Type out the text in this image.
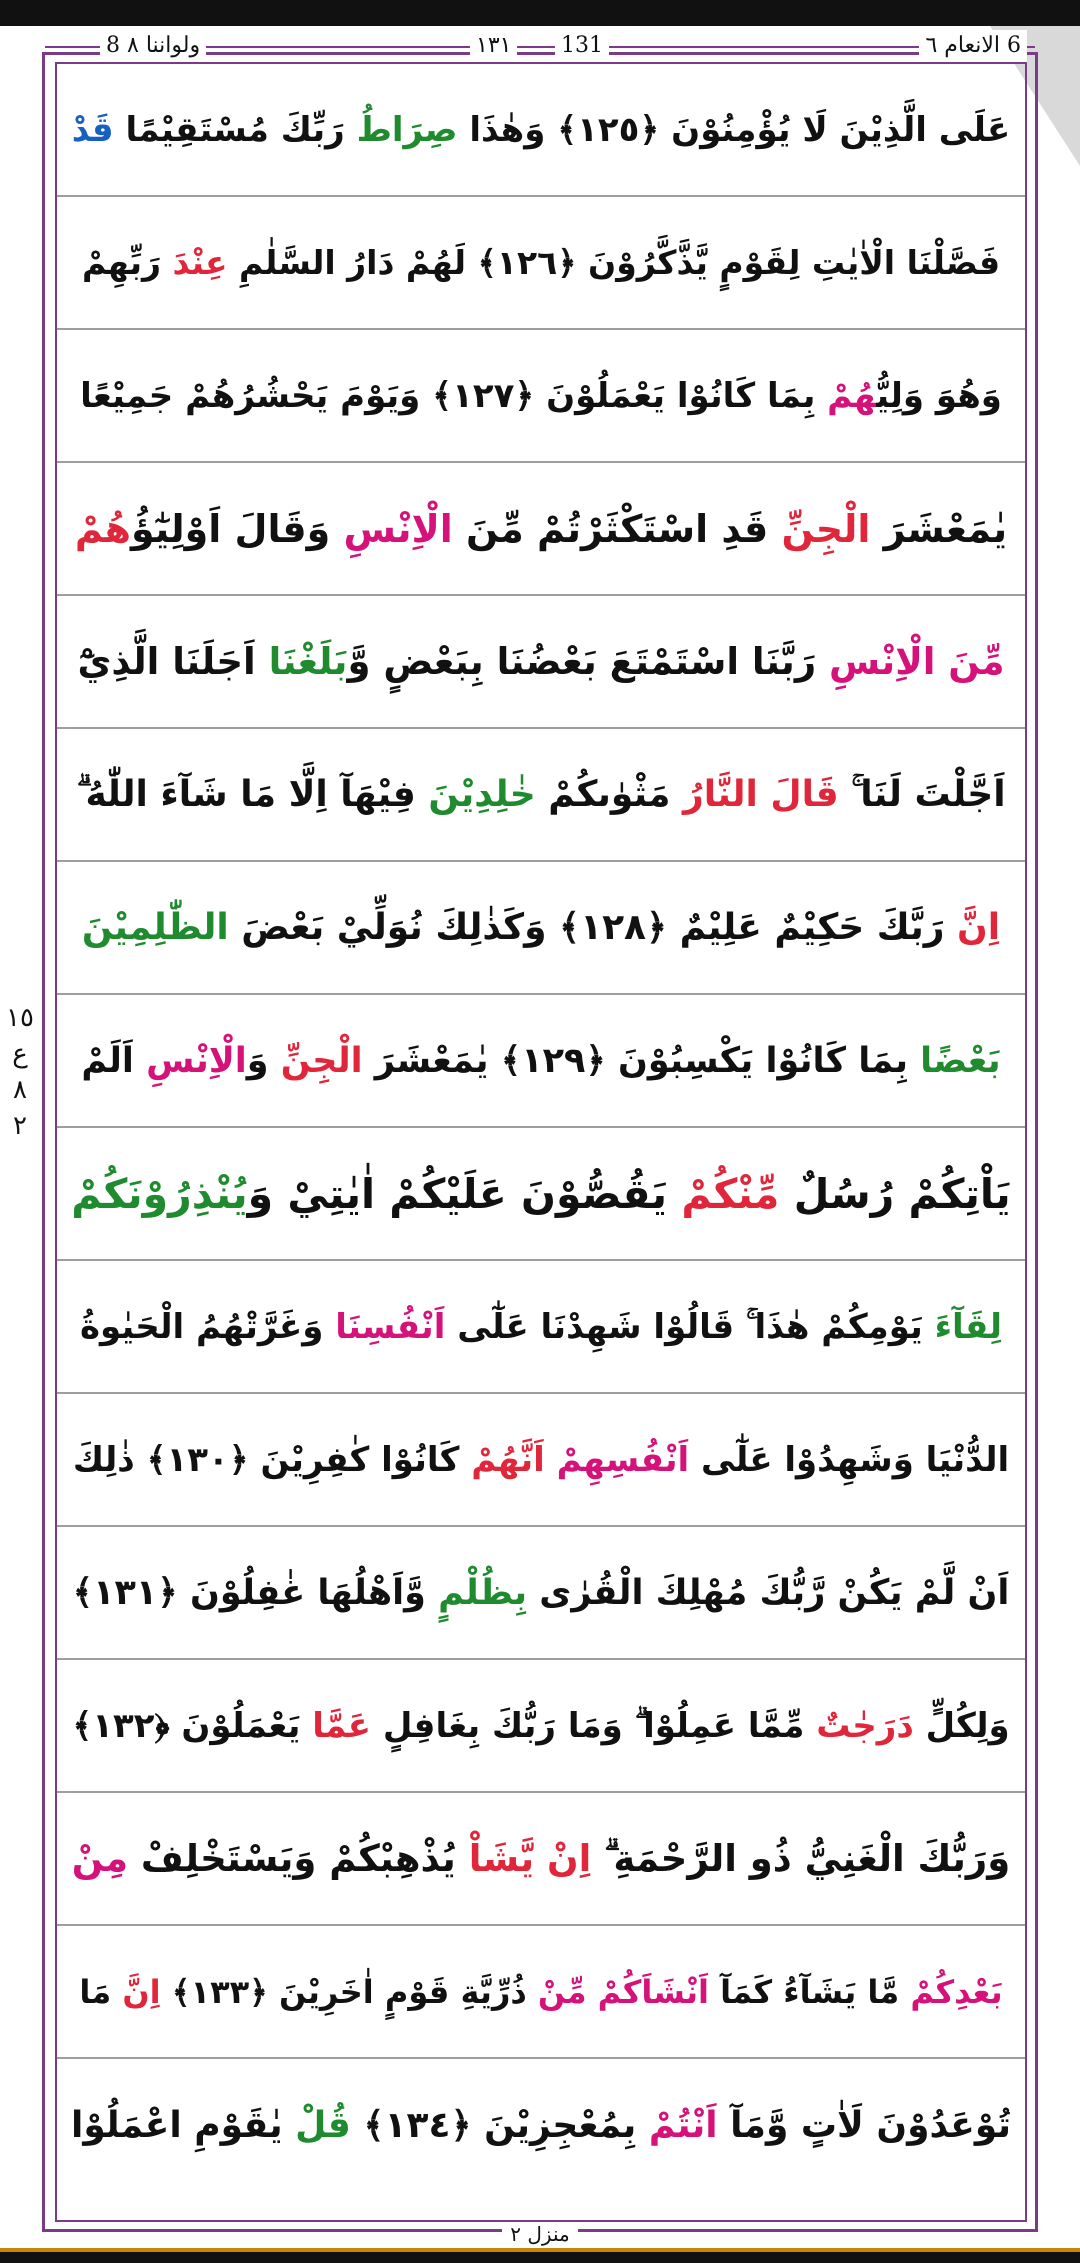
8 ولواننا ٨	١٣١ 131	6 الانعام ٦
١٥ ع ٨ ٢
عَلَى الَّذِيْنَ لَا يُؤْمِنُوْنَ ﴿١٢٥﴾ وَهٰذَا صِرَاطُ رَبِّكَ مُسْتَقِيْمًا قَدْ
فَصَّلْنَا الْاٰيٰتِ لِقَوْمٍ يَّذَّكَّرُوْنَ ﴿١٢٦﴾ لَهُمْ دَارُ السَّلٰمِ عِنْدَ رَبِّهِمْ
وَهُوَ وَلِيُّهُمْ بِمَا كَانُوْا يَعْمَلُوْنَ ﴿١٢٧﴾ وَيَوْمَ يَحْشُرُهُمْ جَمِيْعًا
يٰمَعْشَرَ الْجِنِّ قَدِ اسْتَكْثَرْتُمْ مِّنَ الْاِنْسِ وَقَالَ اَوْلِيٰٓؤُهُمْ
مِّنَ الْاِنْسِ رَبَّنَا اسْتَمْتَعَ بَعْضُنَا بِبَعْضٍ وَّبَلَغْنَا اَجَلَنَا الَّذِيْٓ
اَجَّلْتَ لَنَا ۚ قَالَ النَّارُ مَثْوٰىكُمْ خٰلِدِيْنَ فِيْهَآ اِلَّا مَا شَآءَ اللّٰهُ ۗ
اِنَّ رَبَّكَ حَكِيْمٌ عَلِيْمٌ ﴿١٢٨﴾ وَكَذٰلِكَ نُوَلِّيْ بَعْضَ الظّٰلِمِيْنَ
بَعْضًا بِمَا كَانُوْا يَكْسِبُوْنَ ﴿١٢٩﴾ يٰمَعْشَرَ الْجِنِّ وَالْاِنْسِ اَلَمْ
يَاْتِكُمْ رُسُلٌ مِّنْكُمْ يَقُصُّوْنَ عَلَيْكُمْ اٰيٰتِيْ وَيُنْذِرُوْنَكُمْ
لِقَآءَ يَوْمِكُمْ هٰذَا ۚ قَالُوْا شَهِدْنَا عَلٰٓى اَنْفُسِنَا وَغَرَّتْهُمُ الْحَيٰوةُ
الدُّنْيَا وَشَهِدُوْا عَلٰٓى اَنْفُسِهِمْ اَنَّهُمْ كَانُوْا كٰفِرِيْنَ ﴿١٣٠﴾ ذٰلِكَ
اَنْ لَّمْ يَكُنْ رَّبُّكَ مُهْلِكَ الْقُرٰى بِظُلْمٍ وَّاَهْلُهَا غٰفِلُوْنَ ﴿١٣١﴾
وَلِكُلٍّ دَرَجٰتٌ مِّمَّا عَمِلُوْا ۗ وَمَا رَبُّكَ بِغَافِلٍ عَمَّا يَعْمَلُوْنَ ﴿١٣٢﴾
وَرَبُّكَ الْغَنِيُّ ذُو الرَّحْمَةِ ۗ اِنْ يَّشَاْ يُذْهِبْكُمْ وَيَسْتَخْلِفْ مِنْ
بَعْدِكُمْ مَّا يَشَآءُ كَمَآ اَنْشَاَكُمْ مِّنْ ذُرِّيَّةِ قَوْمٍ اٰخَرِيْنَ ﴿١٣٣﴾ اِنَّ مَا
تُوْعَدُوْنَ لَاٰتٍ وَّمَآ اَنْتُمْ بِمُعْجِزِيْنَ ﴿١٣٤﴾ قُلْ يٰقَوْمِ اعْمَلُوْا
منزل ٢
